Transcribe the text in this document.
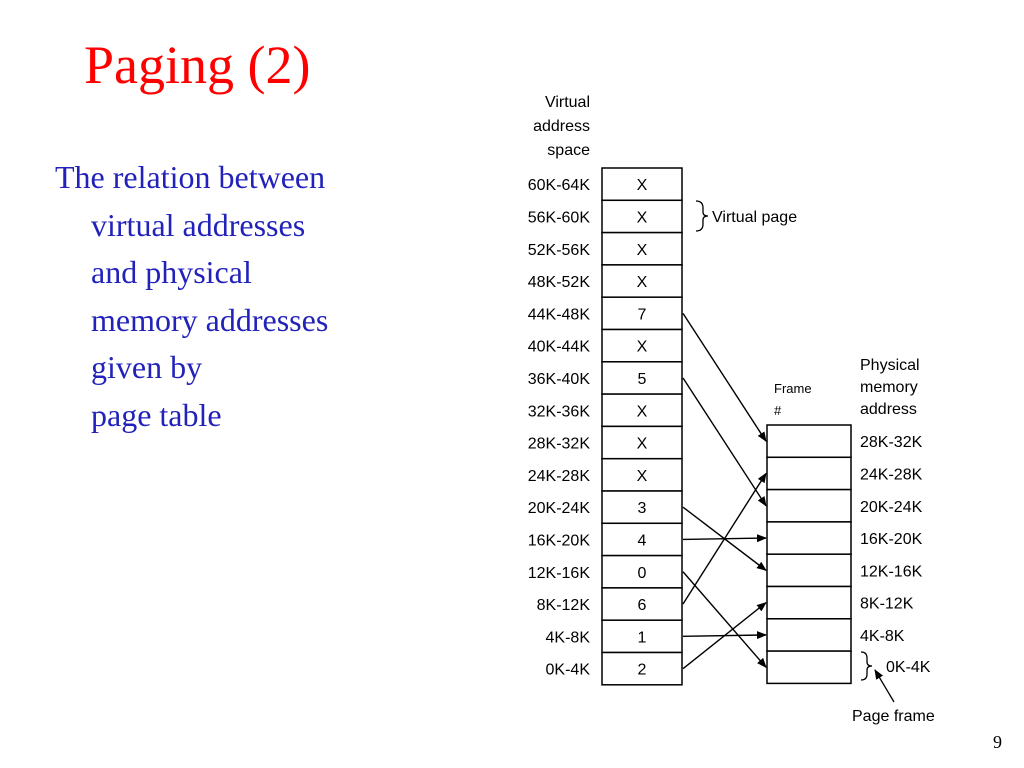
Paging (2)
The relation between
virtual addresses
and physical
memory addresses
given by
page table
Virtual
address
space
Physical
memory
address
Frame
#
Virtual page
0K-4K
Page frame
X
60K-64K
X
56K-60K
X
52K-56K
X
48K-52K
7
44K-48K
X
40K-44K
5
36K-40K
X
32K-36K
X
28K-32K
X
24K-28K
3
20K-24K
4
16K-20K
0
12K-16K
6
8K-12K
1
4K-8K
2
0K-4K
28K-32K
24K-28K
20K-24K
16K-20K
12K-16K
8K-12K
4K-8K
9
